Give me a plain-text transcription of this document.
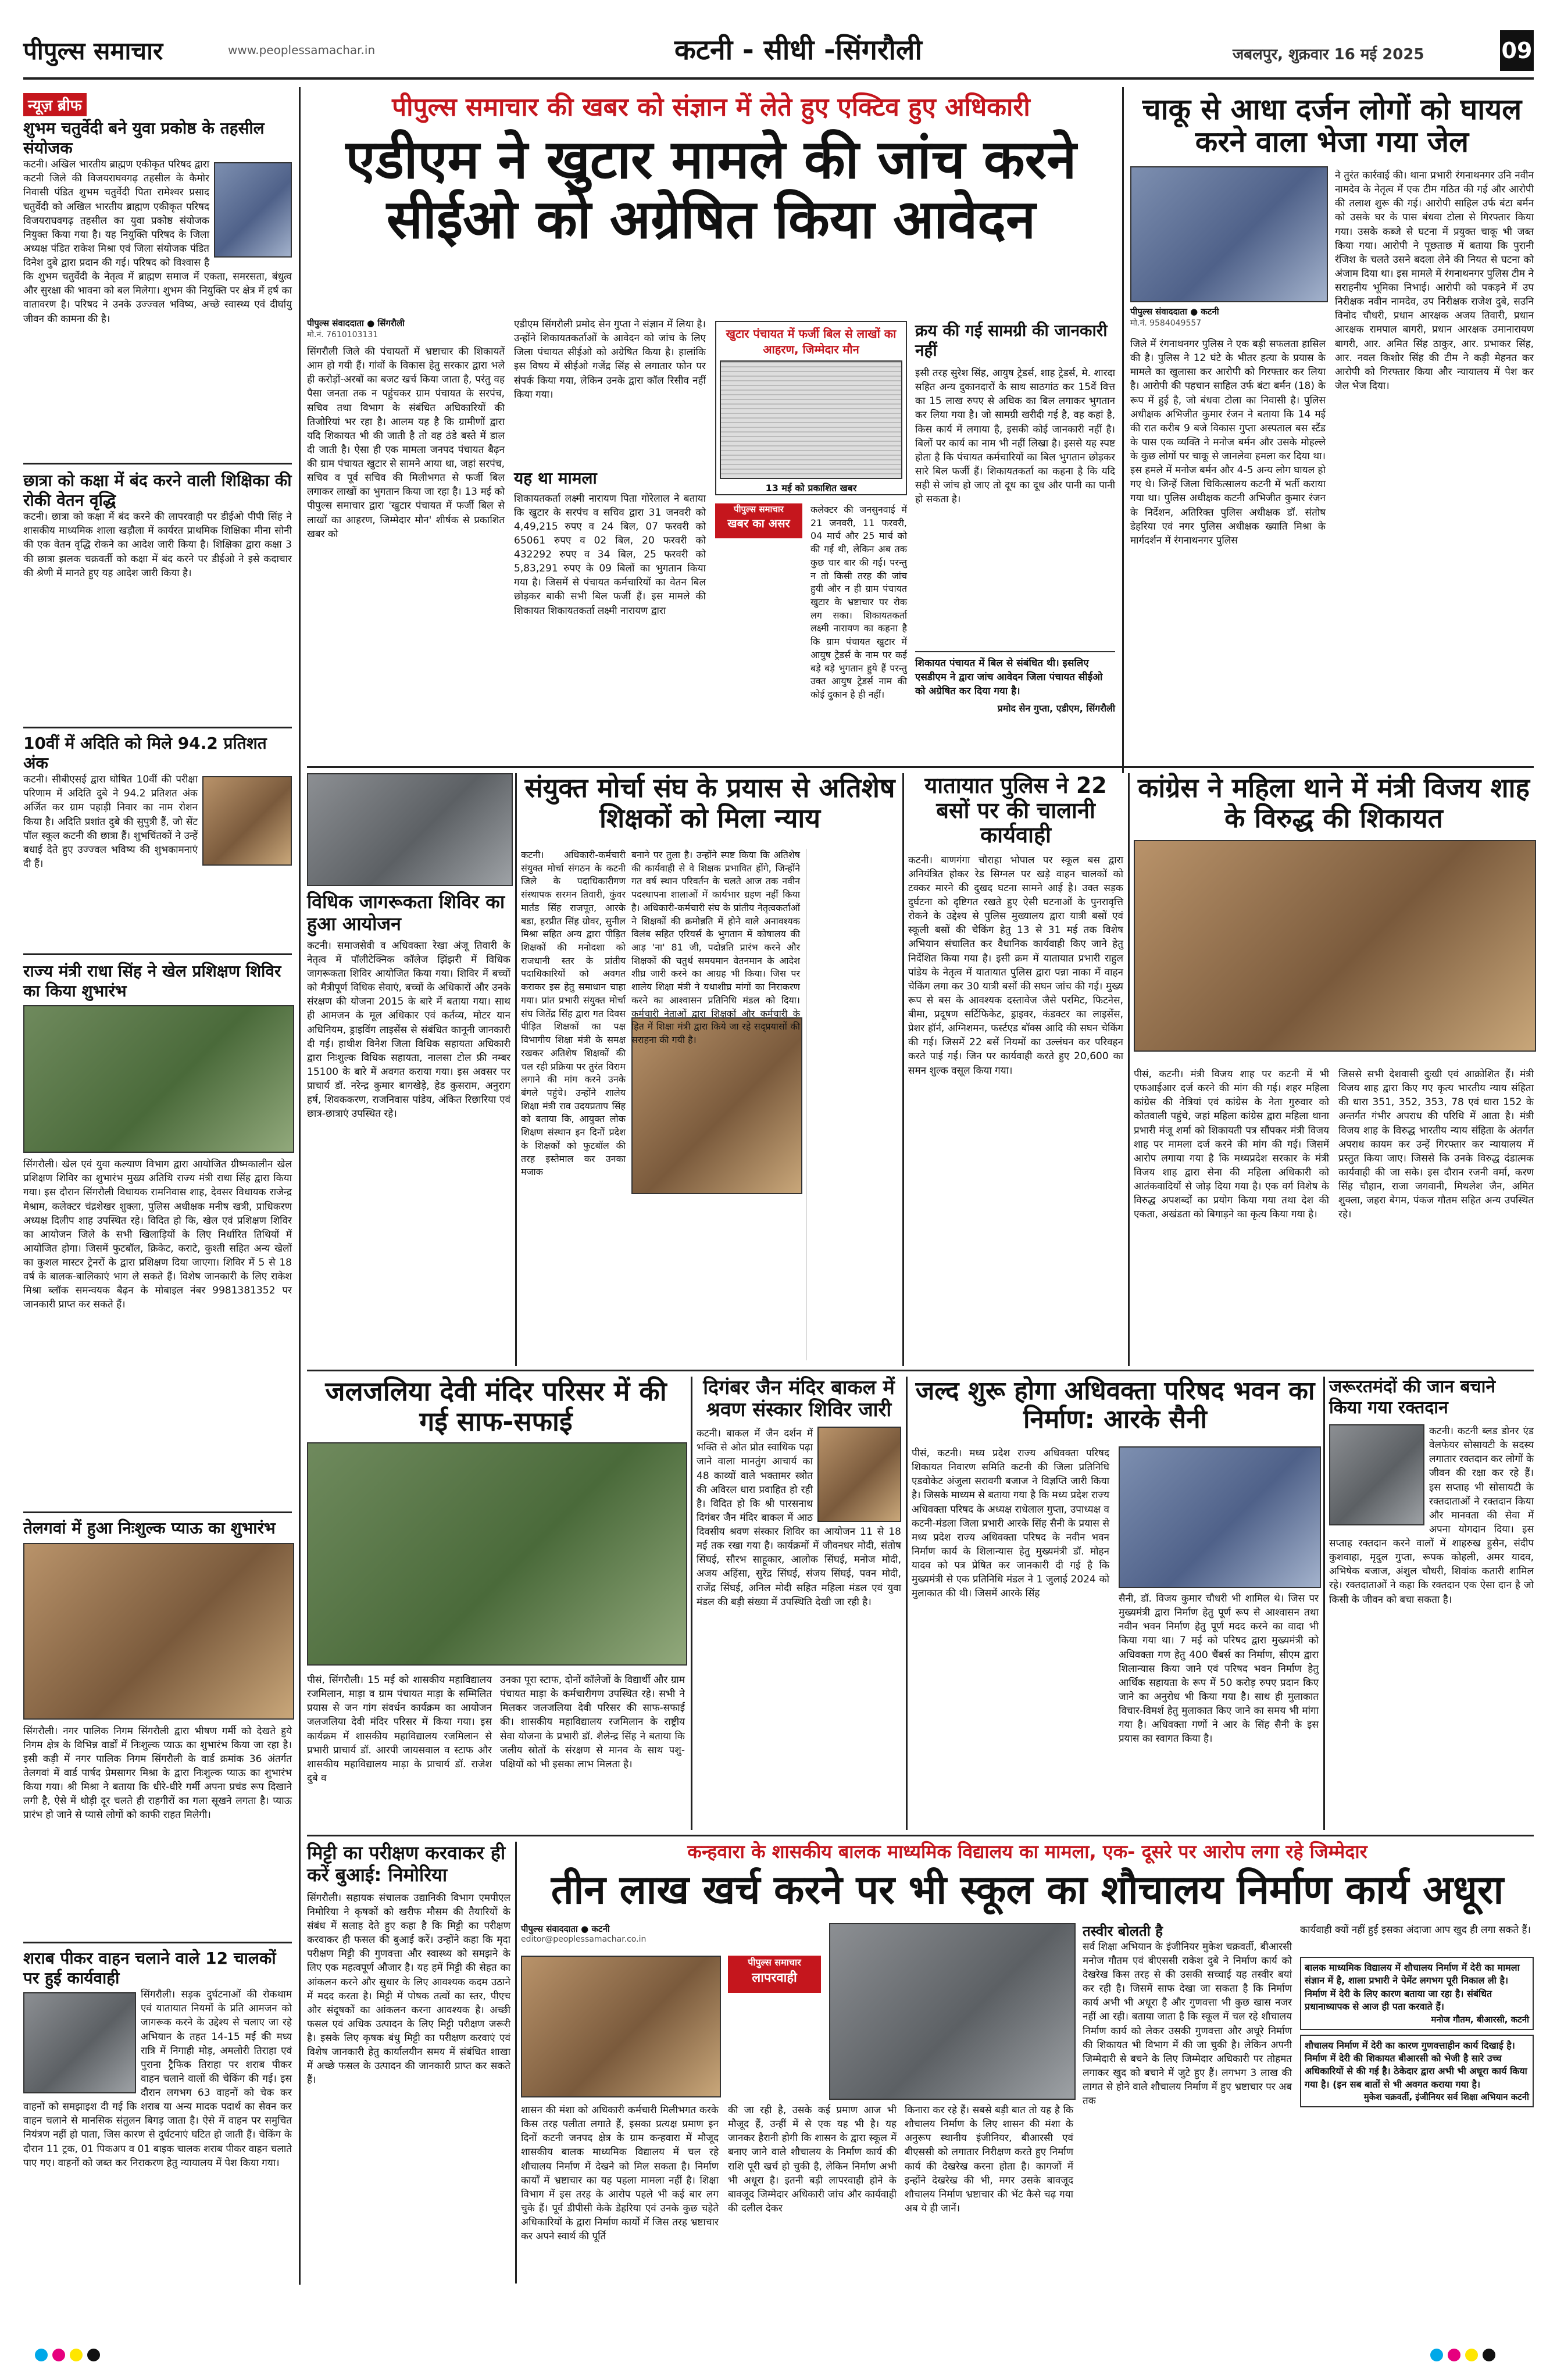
पीपुल्स समाचार	www.peoplessamachar.in	कटनी - सीधी -सिंगरौली	जबलपुर, शुक्रवार 16 मई 2025	09
न्यूज़ ब्रीफ
शुभम चतुर्वेदी बने युवा प्रकोष्ठ के तहसील संयोजक
कटनी। अखिल भारतीय ब्राह्मण एकीकृत परिषद द्वारा कटनी जिले की विजयराघवगढ़ तहसील के कैमोर निवासी पंडित शुभम चतुर्वेदी पिता रामेश्वर प्रसाद चतुर्वेदी को अखिल भारतीय ब्राह्मण एकीकृत परिषद विजयराघवगढ़ तहसील का युवा प्रकोष्ठ संयोजक नियुक्त किया गया है। यह नियुक्ति परिषद के जिला अध्यक्ष पंडित राकेश मिश्रा एवं जिला संयोजक पंडित दिनेश दुबे द्वारा प्रदान की गई। परिषद को विश्वास है कि शुभम चतुर्वेदी के नेतृत्व में ब्राह्मण समाज में एकता, समरसता, बंधुत्व और सुरक्षा की भावना को बल मिलेगा। शुभम की नियुक्ति पर क्षेत्र में हर्ष का वातावरण है। परिषद ने उनके उज्ज्वल भविष्य, अच्छे स्वास्थ्य एवं दीर्घायु जीवन की कामना की है।
छात्रा को कक्षा में बंद करने वाली शिक्षिका की रोकी वेतन वृद्धि
कटनी। छात्रा को कक्षा में बंद करने की लापरवाही पर डीईओ पीपी सिंह ने शासकीय माध्यमिक शाला खड़ौला में कार्यरत प्राथमिक शिक्षिका मीना सोनी की एक वेतन वृद्धि रोकने का आदेश जारी किया है। शिक्षिका द्वारा कक्षा 3 की छात्रा झलक चक्रवर्ती को कक्षा में बंद करने पर डीईओ ने इसे कदाचार की श्रेणी में मानते हुए यह आदेश जारी किया है।
10वीं में अदिति को मिले 94.2 प्रतिशत अंक
कटनी। सीबीएसई द्वारा घोषित 10वीं की परीक्षा परिणाम में अदिति दुबे ने 94.2 प्रतिशत अंक अर्जित कर ग्राम पहाड़ी निवार का नाम रोशन किया है। अदिति प्रशांत दुबे की सुपुत्री हैं, जो सेंट पॉल स्कूल कटनी की छात्रा हैं। शुभचिंतकों ने उन्हें बधाई देते हुए उज्ज्वल भविष्य की शुभकामनाएं दी हैं।
राज्य मंत्री राधा सिंह ने खेल प्रशिक्षण शिविर का किया शुभारंभ
सिंगरौली। खेल एवं युवा कल्याण विभाग द्वारा आयोजित ग्रीष्मकालीन खेल प्रशिक्षण शिविर का शुभारंभ मुख्य अतिथि राज्य मंत्री राधा सिंह द्वारा किया गया। इस दौरान सिंगरौली विधायक रामनिवास शाह, देवसर विधायक राजेन्द्र मेश्राम, कलेक्टर चंद्रशेखर शुक्ला, पुलिस अधीक्षक मनीष खत्री, प्राधिकरण अध्यक्ष दिलीप शाह उपस्थित रहे। विदित हो कि, खेल एवं प्रशिक्षण शिविर का आयोजन जिले के सभी खिलाड़ियों के लिए निर्धारित तिथियों में आयोजित होगा। जिसमें फुटबॉल, क्रिकेट, कराटे, कुश्ती सहित अन्य खेलों का कुशल मास्टर ट्रेनरों के द्वारा प्रशिक्षण दिया जाएगा। शिविर में 5 से 18 वर्ष के बालक-बालिकाएं भाग ले सकते हैं। विशेष जानकारी के लिए राकेश मिश्रा ब्लॉक समन्वयक बैढ़न के मोबाइल नंबर 9981381352 पर जानकारी प्राप्त कर सकते हैं।
तेलगवां में हुआ निःशुल्क प्याऊ का शुभारंभ
सिंगरौली। नगर पालिक निगम सिंगरौली द्वारा भीषण गर्मी को देखते हुये निगम क्षेत्र के विभिन्न वार्डों में निःशुल्क प्याऊ का शुभारंभ किया जा रहा है। इसी कड़ी में नगर पालिक निगम सिंगरौली के वार्ड क्रमांक 36 अंतर्गत तेलगवां में वार्ड पार्षद प्रेमसागर मिश्रा के द्वारा निःशुल्क प्याऊ का शुभारंभ किया गया। श्री मिश्रा ने बताया कि धीरे-धीरे गर्मी अपना प्रचंड रूप दिखाने लगी है, ऐसे में थोड़ी दूर चलते ही राहगीरों का गला सूखने लगता है। प्याऊ प्रारंभ हो जाने से प्यासे लोगों को काफी राहत मिलेगी।
शराब पीकर वाहन चलाने वाले 12 चालकों पर हुई कार्यवाही
सिंगरौली। सड़क दुर्घटनाओं की रोकथाम एवं यातायात नियमों के प्रति आमजन को जागरूक करने के उद्देश्य से चलाए जा रहे अभियान के तहत 14-15 मई की मध्य रात्रि में निगाही मोड़, अमलोरी तिराहा एवं पुराना ट्रैफिक तिराहा पर शराब पीकर वाहन चलाने वालों की चेकिंग की गई। इस दौरान लगभग 63 वाहनों को चेक कर वाहनों को समझाइश दी गई कि शराब या अन्य मादक पदार्थ का सेवन कर वाहन चलाने से मानसिक संतुलन बिगड़ जाता है। ऐसे में वाहन पर समुचित नियंत्रण नहीं हो पाता, जिस कारण से दुर्घटनाएं घटित हो जाती हैं। चेकिंग के दौरान 11 ट्रक, 01 पिकअप व 01 बाइक चालक शराब पीकर वाहन चलाते पाए गए। वाहनों को जब्त कर निराकरण हेतु न्यायालय में पेश किया गया।
पीपुल्स समाचार की खबर को संज्ञान में लेते हुए एक्टिव हुए अधिकारी
एडीएम ने खुटार मामले की जांच करने सीईओ को अग्रेषित किया आवेदन
पीपुल्स संवाददाता ● सिंगरौली
मो.नं. 7610103131
सिंगरौली जिले की पंचायतों में भ्रष्टाचार की शिकायतें आम हो गयी हैं। गांवों के विकास हेतु सरकार द्वारा भले ही करोड़ों-अरबों का बजट खर्च किया जाता है, परंतु वह पैसा जनता तक न पहुंचकर ग्राम पंचायत के सरपंच, सचिव तथा विभाग के संबंधित अधिकारियों की तिजोरियां भर रहा है। आलम यह है कि ग्रामीणों द्वारा यदि शिकायत भी की जाती है तो वह ठंडे बस्ते में डाल दी जाती है। ऐसा ही एक मामला जनपद पंचायत बैढ़न की ग्राम पंचायत खुटार से सामने आया था, जहां सरपंच, सचिव व पूर्व सचिव की मिलीभगत से फर्जी बिल लगाकर लाखों का भुगतान किया जा रहा है। 13 मई को पीपुल्स समाचार द्वारा 'खुटार पंचायत में फर्जी बिल से लाखों का आहरण, जिम्मेदार मौन' शीर्षक से प्रकाशित खबर को
एडीएम सिंगरौली प्रमोद सेन गुप्ता ने संज्ञान में लिया है। उन्होंने शिकायतकर्ताओं के आवेदन को जांच के लिए जिला पंचायत सीईओ को अग्रेषित किया है। हालांकि इस विषय में सीईओ गजेंद्र सिंह से लगातार फोन पर संपर्क किया गया, लेकिन उनके द्वारा कॉल रिसीव नहीं किया गया।
यह था मामला
शिकायतकर्ता लक्ष्मी नारायण पिता गोरेलाल ने बताया कि खुटार के सरपंच व सचिव द्वारा 31 जनवरी को 4,49,215 रुपए व 24 बिल, 07 फरवरी को 65061 रुपए व 02 बिल, 20 फरवरी को 432292 रुपए व 34 बिल, 25 फरवरी को 5,83,291 रुपए के 09 बिलों का भुगतान किया गया है। जिसमें से पंचायत कर्मचारियों का वेतन बिल छोड़कर बाकी सभी बिल फर्जी हैं। इस मामले की शिकायत शिकायतकर्ता लक्ष्मी नारायण द्वारा
खुटार पंचायत में फर्जी बिल से लाखों का आहरण, जिम्मेदार मौन
13 मई को प्रकाशित खबर
क्रय की गई सामग्री की जानकारी नहीं
पीपुल्स समाचार
खबर का असर
कलेक्टर की जनसुनवाई में 21 जनवरी, 11 फरवरी, 04 मार्च और 25 मार्च को की गई थी, लेकिन अब तक कुछ चार बार की गई। परन्तु न तो किसी तरह की जांच हुयी और न ही ग्राम पंचायत खुटार के भ्रष्टाचार पर रोक लग सका। शिकायतकर्ता लक्ष्मी नारायण का कहना है कि ग्राम पंचायत खुटार में आयुष ट्रेडर्स के नाम पर कई बड़े बड़े भुगतान हुये हैं परन्तु उक्त आयुष ट्रेडर्स नाम की कोई दुकान है ही नहीं।
इसी तरह सुरेश सिंह, आयुष ट्रेडर्स, शाह ट्रेडर्स, मे. शारदा सहित अन्य दुकानदारों के साथ साठगांठ कर 15वें वित्त का 15 लाख रुपए से अधिक का बिल लगाकर भुगतान कर लिया गया है। जो सामग्री खरीदी गई है, वह कहां है, किस कार्य में लगाया है, इसकी कोई जानकारी नहीं है। बिलों पर कार्य का नाम भी नहीं लिखा है। इससे यह स्पष्ट होता है कि पंचायत कर्मचारियों का बिल भुगतान छोड़कर सारे बिल फर्जी हैं। शिकायतकर्ता का कहना है कि यदि सही से जांच हो जाए तो दूध का दूध और पानी का पानी हो सकता है।
शिकायत पंचायत में बिल से संबंधित थी। इसलिए एसडीएम ने द्वारा जांच आवेदन जिला पंचायत सीईओ को अग्रेषित कर दिया गया है।
प्रमोद सेन गुप्ता, एडीएम, सिंगरौली
चाकू से आधा दर्जन लोगों को घायल करने वाला भेजा गया जेल
पीपुल्स संवाददाता ● कटनी
मो.नं. 9584049557
जिले में रंगनाथनगर पुलिस ने एक बड़ी सफलता हासिल की है। पुलिस ने 12 घंटे के भीतर हत्या के प्रयास के मामले का खुलासा कर आरोपी को गिरफ्तार कर लिया है। आरोपी की पहचान साहिल उर्फ बंटा बर्मन (18) के रूप में हुई है, जो बंधवा टोला का निवासी है। पुलिस अधीक्षक अभिजीत कुमार रंजन ने बताया कि 14 मई की रात करीब 9 बजे विकास गुप्ता अस्पताल बस स्टैंड के पास एक व्यक्ति ने मनोज बर्मन और उसके मोहल्ले के कुछ लोगों पर चाकू से जानलेवा हमला कर दिया था। इस हमले में मनोज बर्मन और 4-5 अन्य लोग घायल हो गए थे। जिन्हें जिला चिकित्सालय कटनी में भर्ती कराया गया था। पुलिस अधीक्षक कटनी अभिजीत कुमार रंजन के निर्देशन, अतिरिक्त पुलिस अधीक्षक डॉ. संतोष डेहरिया एवं नगर पुलिस अधीक्षक ख्याति मिश्रा के मार्गदर्शन में रंगनाथनगर पुलिस
ने तुरंत कार्रवाई की। थाना प्रभारी रंगनाथनगर उनि नवीन नामदेव के नेतृत्व में एक टीम गठित की गई और आरोपी की तलाश शुरू की गई। आरोपी साहिल उर्फ बंटा बर्मन को उसके घर के पास बंधवा टोला से गिरफ्तार किया गया। उसके कब्जे से घटना में प्रयुक्त चाकू भी जब्त किया गया। आरोपी ने पूछताछ में बताया कि पुरानी रंजिश के चलते उसने बदला लेने की नियत से घटना को अंजाम दिया था। इस मामले में रंगनाथनगर पुलिस टीम ने सराहनीय भूमिका निभाई। आरोपी को पकड़ने में उप निरीक्षक नवीन नामदेव, उप निरीक्षक राजेश दुबे, सउनि विनोद चौधरी, प्रधान आरक्षक अजय तिवारी, प्रधान आरक्षक रामपाल बागरी, प्रधान आरक्षक उमानारायण बागरी, आर. अमित सिंह ठाकुर, आर. प्रभाकर सिंह, आर. नवल किशोर सिंह की टीम ने कड़ी मेहनत कर आरोपी को गिरफ्तार किया और न्यायालय में पेश कर जेल भेज दिया।
विधिक जागरूकता शिविर का हुआ आयोजन
कटनी। समाजसेवी व अधिवक्ता रेखा अंजू तिवारी के नेतृत्व में पॉलीटेक्निक कॉलेज झिंझरी में विधिक जागरूकता शिविर आयोजित किया गया। शिविर में बच्चों को मैत्रीपूर्ण विधिक सेवाएं, बच्चों के अधिकारों और उनके संरक्षण की योजना 2015 के बारे में बताया गया। साथ ही आमजन के मूल अधिकार एवं कर्तव्य, मोटर यान अधिनियम, ड्राइविंग लाइसेंस से संबंधित कानूनी जानकारी दी गई। हाथीश विनेश जिला विधिक सहायता अधिकारी द्वारा निःशुल्क विधिक सहायता, नालसा टोल फ्री नम्बर 15100 के बारे में अवगत कराया गया। इस अवसर पर प्राचार्य डॉ. नरेन्द्र कुमार बागखेड़े, हेड कुसराम, अनुराग हर्ष, शिवककरण, राजनिवास पांडेय, अंकित रिछारिया एवं छात्र-छात्राएं उपस्थित रहे।
संयुक्त मोर्चा संघ के प्रयास से अतिशेष शिक्षकों को मिला न्याय
कटनी। अधिकारी-कर्मचारी संयुक्त मोर्चा संगठन के कटनी जिले के पदाधिकारीगण संस्थापक सरमन तिवारी, कुंवर मार्तंड सिंह राजपूत, आरके बडा, हरप्रीत सिंह ग्रोवर, सुनील मिश्रा सहित अन्य द्वारा पीड़ित शिक्षकों की मनोदशा को राजधानी स्तर के प्रांतीय पदाधिकारियों को अवगत कराकर इस हेतु समाधान चाहा गया। प्रांत प्रभारी संयुक्त मोर्चा संघ जितेंद्र सिंह द्वारा गत दिवस पीड़ित शिक्षकों का पक्ष विभागीय शिक्षा मंत्री के समक्ष रखकर अतिशेष शिक्षकों की चल रही प्रक्रिया पर तुरंत विराम लगाने की मांग करने उनके बंगले पहुंचे। उन्होंने शालेय शिक्षा मंत्री राव उदयप्रताप सिंह को बताया कि, आयुक्त लोक शिक्षण संस्थान इन दिनों प्रदेश के शिक्षकों को फुटबॉल की तरह इस्तेमाल कर उनका मजाक
बनाने पर तुला है। उन्होंने स्पष्ट किया कि अतिशेष की कार्यवाही से वे शिक्षक प्रभावित होंगे, जिन्होंने गत वर्ष स्थान परिवर्तन के चलते आज तक नवीन पदस्थापना शालाओं में कार्यभार ग्रहण नहीं किया है। अधिकारी-कर्मचारी संघ के प्रांतीय नेतृत्वकर्ताओं ने शिक्षकों की क्रमोन्नति में होने वाले अनावश्यक विलंब सहित एरियर्स के भुगतान में कोषालय की आड़ 'ना' 81 जी, पदोन्नति प्रारंभ करने और शिक्षकों की चतुर्थ समयमान वेतनमान के आदेश शीघ्र जारी करने का आग्रह भी किया। जिस पर शालेय शिक्षा मंत्री ने यथाशीघ्र मांगों का निराकरण करने का आश्वासन प्रतिनिधि मंडल को दिया। कर्मचारी नेताओं द्वारा शिक्षकों और कर्मचारी के हित में शिक्षा मंत्री द्वारा किये जा रहे सद्प्रयासों की सराहना की गयी है।

यातायात पुलिस ने 22 बसों पर की चालानी कार्यवाही
कटनी। बाणगंगा चौराहा भोपाल पर स्कूल बस द्वारा अनियंत्रित होकर रेड सिग्नल पर खड़े वाहन चालकों को टक्कर मारने की दुखद घटना सामने आई है। उक्त सड़क दुर्घटना को दृष्टिगत रखते हुए ऐसी घटनाओं के पुनरावृत्ति रोकने के उद्देश्य से पुलिस मुख्यालय द्वारा यात्री बसों एवं स्कूली बसों की चेकिंग हेतु 13 से 31 मई तक विशेष अभियान संचालित कर वैधानिक कार्यवाही किए जाने हेतु निर्देशित किया गया है। इसी क्रम में यातायात प्रभारी राहुल पांडेय के नेतृत्व में यातायात पुलिस द्वारा पन्ना नाका में वाहन चेकिंग लगा कर 30 यात्री बसों की सघन जांच की गई। मुख्य रूप से बस के आवश्यक दस्तावेज जैसे परमिट, फिटनेस, बीमा, प्रदूषण सर्टिफिकेट, ड्राइवर, कंडक्टर का लाइसेंस, प्रेशर हॉर्न, अग्निशमन, फर्स्टएड बॉक्स आदि की सघन चेकिंग की गई। जिसमें 22 बसें नियमों का उल्लंघन कर परिवहन करते पाई गईं। जिन पर कार्यवाही करते हुए 20,600 का समन शुल्क वसूल किया गया।
कांग्रेस ने महिला थाने में मंत्री विजय शाह के विरुद्ध की शिकायत
पीसं, कटनी। मंत्री विजय शाह पर कटनी में भी एफआईआर दर्ज करने की मांग की गई। शहर महिला कांग्रेस की नेत्रियां एवं कांग्रेस के नेता गुरुवार को कोतवाली पहुंचे, जहां महिला कांग्रेस द्वारा महिला थाना प्रभारी मंजू शर्मा को शिकायती पत्र सौंपकर मंत्री विजय शाह पर मामला दर्ज करने की मांग की गई। जिसमें आरोप लगाया गया है कि मध्यप्रदेश सरकार के मंत्री विजय शाह द्वारा सेना की महिला अधिकारी को आतंकवादियों से जोड़ दिया गया है। एक वर्ग विशेष के विरुद्ध अपशब्दों का प्रयोग किया गया तथा देश की एकता, अखंडता को बिगाड़ने का कृत्य किया गया है।
जिससे सभी देशवासी दुःखी एवं आक्रोशित हैं। मंत्री विजय शाह द्वारा किए गए कृत्य भारतीय न्याय संहिता की धारा 351, 352, 353, 78 एवं धारा 152 के अन्तर्गत गंभीर अपराध की परिधि में आता है। मंत्री विजय शाह के विरुद्ध भारतीय न्याय संहिता के अंतर्गत अपराध कायम कर उन्हें गिरफ्तार कर न्यायालय में प्रस्तुत किया जाए। जिससे कि उनके विरुद्ध दंडात्मक कार्यवाही की जा सके। इस दौरान रजनी वर्मा, करण सिंह चौहान, राजा जगवानी, मिथलेश जैन, अमित शुक्ला, जहरा बेगम, पंकज गौतम सहित अन्य उपस्थित रहे।
जलजलिया देवी मंदिर परिसर में की गई साफ-सफाई
पीसं, सिंगरौली। 15 मई को शासकीय महाविद्यालय रजमिलान, माड़ा व ग्राम पंचायत माड़ा के सम्मिलित प्रयास से जन गांग संवर्धन कार्यक्रम का आयोजन जलजलिया देवी मंदिर परिसर में किया गया। इस कार्यक्रम में शासकीय महाविद्यालय रजमिलान से प्रभारी प्राचार्य डॉ. आरपी जायसवाल व स्टाफ और शासकीय महाविद्यालय माड़ा के प्राचार्य डॉ. राजेश दुबे व
उनका पूरा स्टाफ, दोनों कॉलेजों के विद्यार्थी और ग्राम पंचायत माड़ा के कर्मचारीगण उपस्थित रहे। सभी ने मिलकर जलजलिया देवी परिसर की साफ-सफाई की। शासकीय महाविद्यालय रजमिलान के राष्ट्रीय सेवा योजना के प्रभारी डॉ. शैलेन्द्र सिंह ने बताया कि जलीय स्रोतों के संरक्षण से मानव के साथ पशु-पक्षियों को भी इसका लाभ मिलता है।
दिगंबर जैन मंदिर बाकल में श्रवण संस्कार शिविर जारी
कटनी। बाकल में जैन दर्शन में भक्ति से ओत प्रोत स्वाधिक पढ़ा जाने वाला मानतुंग आचार्य का 48 काव्यों वाले भक्तामर स्त्रोत की अविरल धारा प्रवाहित हो रही है। विदित हो कि श्री पारसनाथ दिगंबर जैन मंदिर बाकल में आठ दिवसीय श्रवण संस्कार शिविर का आयोजन 11 से 18 मई तक रखा गया है। कार्यक्रमों में जीवनधर मोदी, संतोष सिंघई, सौरभ साहूकार, आलोक सिंघई, मनोज मोदी, अजय अहिंसा, सुरेंद्र सिंघई, संजय सिंघई, पवन मोदी, राजेंद्र सिंघई, अनिल मोदी सहित महिला मंडल एवं युवा मंडल की बड़ी संख्या में उपस्थिति देखी जा रही है।
जल्द शुरू होगा अधिवक्ता परिषद भवन का निर्माण: आरके सैनी
पीसं, कटनी। मध्य प्रदेश राज्य अधिवक्ता परिषद शिकायत निवारण समिति कटनी की जिला प्रतिनिधि एडवोकेट अंजुला सरावगी बजाज ने विज्ञप्ति जारी किया है। जिसके माध्यम से बताया गया है कि मध्य प्रदेश राज्य अधिवक्ता परिषद के अध्यक्ष राधेलाल गुप्ता, उपाध्यक्ष व कटनी-मंडला जिला प्रभारी आरके सिंह सैनी के प्रयास से मध्य प्रदेश राज्य अधिवक्ता परिषद के नवीन भवन निर्माण कार्य के शिलान्यास हेतु मुख्यमंत्री डॉ. मोहन यादव को पत्र प्रेषित कर जानकारी दी गई है कि मुख्यमंत्री से एक प्रतिनिधि मंडल ने 1 जुलाई 2024 को मुलाकात की थी। जिसमें आरके सिंह	सैनी, डॉ. विजय कुमार चौधरी भी शामिल थे। जिस पर मुख्यमंत्री द्वारा निर्माण हेतु पूर्ण रूप से आश्वासन तथा नवीन भवन निर्माण हेतु पूर्ण मदद करने का वादा भी किया गया था। 7 मई को परिषद द्वारा मुख्यमंत्री को अधिवक्ता गण हेतु 400 चैंबर्स का निर्माण, सीएम द्वारा शिलान्यास किया जाने एवं परिषद भवन निर्माण हेतु आर्थिक सहायता के रूप में 50 करोड़ रुपए प्रदान किए जाने का अनुरोध भी किया गया है। साथ ही मुलाकात विचार-विमर्श हेतु मुलाकात किए जाने का समय भी मांगा गया है। अधिवक्ता गणों ने आर के सिंह सैनी के इस प्रयास का स्वागत किया है।
जरूरतमंदों की जान बचाने किया गया रक्तदान
कटनी। कटनी ब्लड डोनर एंड वेलफेयर सोसायटी के सदस्य लगातार रक्तदान कर लोगों के जीवन की रक्षा कर रहे हैं। इस सप्ताह भी सोसायटी के रक्तदाताओं ने रक्तदान किया और मानवता की सेवा में अपना योगदान दिया। इस सप्ताह रक्तदान करने वालों में शाहरुख हुसैन, संदीप कुशवाहा, मृदुल गुप्ता, रूपक कोहली, अमर यादव, अभिषेक बजाज, अंशुल चौधरी, शिवांक कतारी शामिल रहे। रक्तदाताओं ने कहा कि रक्तदान एक ऐसा दान है जो किसी के जीवन को बचा सकता है।
मिट्टी का परीक्षण करवाकर ही करें बुआई: निमोरिया
सिंगरौली। सहायक संचालक उद्यानिकी विभाग एमपीएल निमोरिया ने कृषकों को खरीफ मौसम की तैयारियों के संबंध में सलाह देते हुए कहा है कि मिट्टी का परीक्षण करवाकर ही फसल की बुआई करें। उन्होंने कहा कि मृदा परीक्षण मिट्टी की गुणवत्ता और स्वास्थ्य को समझने के लिए एक महत्वपूर्ण औजार है। यह हमें मिट्टी की सेहत का आंकलन करने और सुधार के लिए आवश्यक कदम उठाने में मदद करता है। मिट्टी में पोषक तत्वों का स्तर, पीएच और संदूषकों का आंकलन करना आवश्यक है। अच्छी फसल एवं अधिक उत्पादन के लिए मिट्टी परीक्षण जरूरी है। इसके लिए कृषक बंधु मिट्टी का परीक्षण करवाएं एवं विशेष जानकारी हेतु कार्यालयीन समय में संबंधित शाखा में अच्छे फसल के उत्पादन की जानकारी प्राप्त कर सकते हैं।
कन्हवारा के शासकीय बालक माध्यमिक विद्यालय का मामला, एक- दूसरे पर आरोप लगा रहे जिम्मेदार
तीन लाख खर्च करने पर भी स्कूल का शौचालय निर्माण कार्य अधूरा
पीपुल्स संवाददाता ● कटनी
editor@peoplessamachar.co.in
शासन की मंशा को अधिकारी कर्मचारी मिलीभगत करके किस तरह पलीता लगाते हैं, इसका प्रत्यक्ष प्रमाण इन दिनों कटनी जनपद क्षेत्र के ग्राम कन्हवारा में मौजूद शासकीय बालक माध्यमिक विद्यालय में चल रहे शौचालय निर्माण में देखने को मिल सकता है। निर्माण कार्यों में भ्रष्टाचार का यह पहला मामला नहीं है। शिक्षा विभाग में इस तरह के आरोप पहले भी कई बार लग चुके हैं। पूर्व डीपीसी केके डेहरिया एवं उनके कुछ चहेते अधिकारियों के द्वारा निर्माण कार्यों में जिस तरह भ्रष्टाचार कर अपने स्वार्थ की पूर्ति
पीपुल्स समाचार
लापरवाही
की जा रही है, उसके कई प्रमाण आज भी मौजूद हैं, उन्हीं में से एक यह भी है। यह जानकर हैरानी होगी कि शासन के द्वारा स्कूल में बनाए जाने वाले शौचालय के निर्माण कार्य की राशि पूरी खर्च हो चुकी है, लेकिन निर्माण अभी भी अधूरा है। इतनी बड़ी लापरवाही होने के बावजूद जिम्मेदार अधिकारी जांच और कार्यवाही की दलील देकर
किनारा कर रहे हैं। सबसे बड़ी बात तो यह है कि शौचालय निर्माण के लिए शासन की मंशा के अनुरूप स्थानीय इंजीनियर, बीआरसी एवं बीएससी को लगातार निरीक्षण करते हुए निर्माण कार्य की देखरेख करना होता है। कागजों में इन्होंने देखरेख की भी, मगर उसके बावजूद शौचालय निर्माण भ्रष्टाचार की भेंट कैसे चढ़ गया अब ये ही जानें।
तस्वीर बोलती है
सर्व शिक्षा अभियान के इंजीनियर मुकेश चक्रवर्ती, बीआरसी मनोज गौतम एवं बीएससी राकेश दुबे ने निर्माण कार्य को देखरेख किस तरह से की उसकी सच्चाई यह तस्वीर बयां कर रही है। जिसमें साफ देखा जा सकता है कि निर्माण कार्य अभी भी अधूरा है और गुणवत्ता भी कुछ खास नजर नहीं आ रही। बताया जाता है कि स्कूल में चल रहे शौचालय निर्माण कार्य को लेकर उसकी गुणवत्ता और अधूरे निर्माण की शिकायत भी विभाग में की जा चुकी है। लेकिन अपनी जिम्मेदारी से बचने के लिए जिम्मेदार अधिकारी पर तोहमत लगाकर खुद को बचाने में जुटे हुए हैं। लगभग 3 लाख की लागत से होने वाले शौचालय निर्माण में हुए भ्रष्टाचार पर अब तक
कार्यवाही क्यों नहीं हुई इसका अंदाजा आप खुद ही लगा सकते हैं।
बालक माध्यमिक विद्यालय में शौचालय निर्माण में देरी का मामला संज्ञान में है, शाला प्रभारी ने पेमेंट लगभग पूरी निकाल ली है। निर्माण में देरी के लिए कारण बताया जा रहा है। संबंधित प्रधानाध्यापक से आज ही पता करवाते हैं।
मनोज गौतम, बीआरसी, कटनी
शौचालय निर्माण में देरी का कारण गुणवत्ताहीन कार्य दिखाई है। निर्माण में देरी की शिकायत बीआरसी को भेजी है सारे उच्च अधिकारियों से की गई है। ठेकेदार द्वारा अभी भी अधूरा कार्य किया गया है। (इन सब बातों से भी अवगत कराया गया है।
मुकेश चक्रवर्ती, इंजीनियर सर्व शिक्षा अभियान कटनी
